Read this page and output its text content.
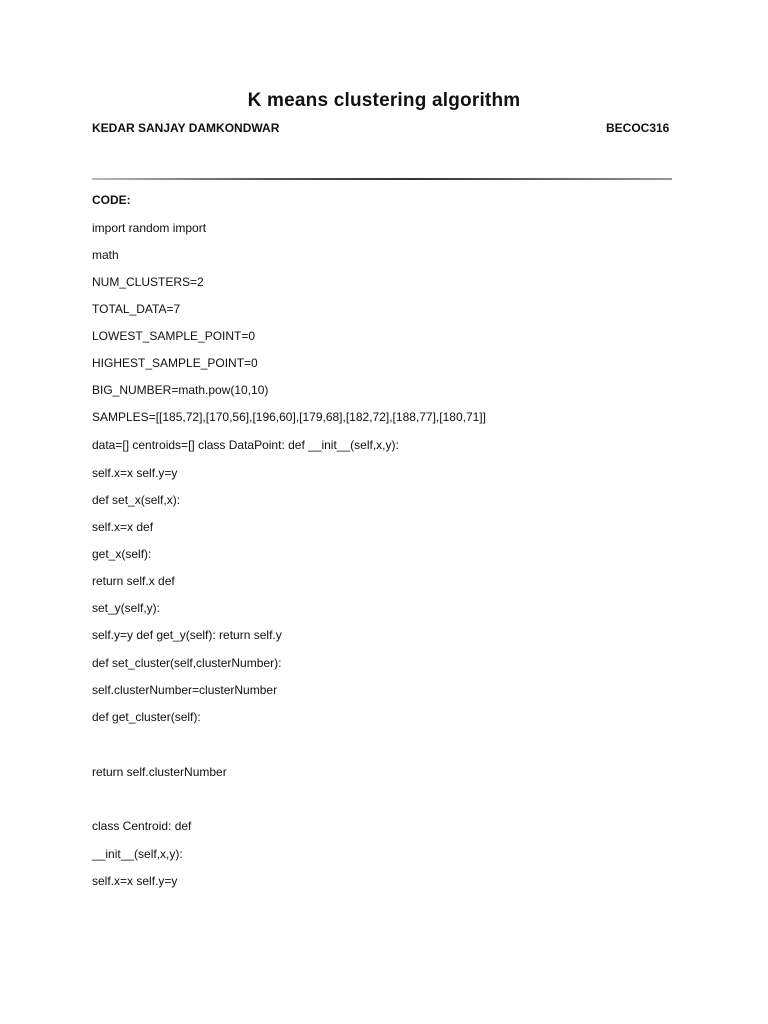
K means clustering algorithm
KEDAR SANJAY DAMKONDWAR	BECOC316
CODE:
import random import
math
NUM_CLUSTERS=2
TOTAL_DATA=7
LOWEST_SAMPLE_POINT=0
HIGHEST_SAMPLE_POINT=0
BIG_NUMBER=math.pow(10,10)
SAMPLES=[[185,72],[170,56],[196,60],[179,68],[182,72],[188,77],[180,71]]
data=[] centroids=[] class DataPoint: def __init__(self,x,y):
self.x=x self.y=y
def set_x(self,x):
self.x=x def
get_x(self):
return self.x def
set_y(self,y):
self.y=y def get_y(self): return self.y
def set_cluster(self,clusterNumber):
self.clusterNumber=clusterNumber
def get_cluster(self):
return self.clusterNumber
class Centroid: def
__init__(self,x,y):
self.x=x self.y=y
